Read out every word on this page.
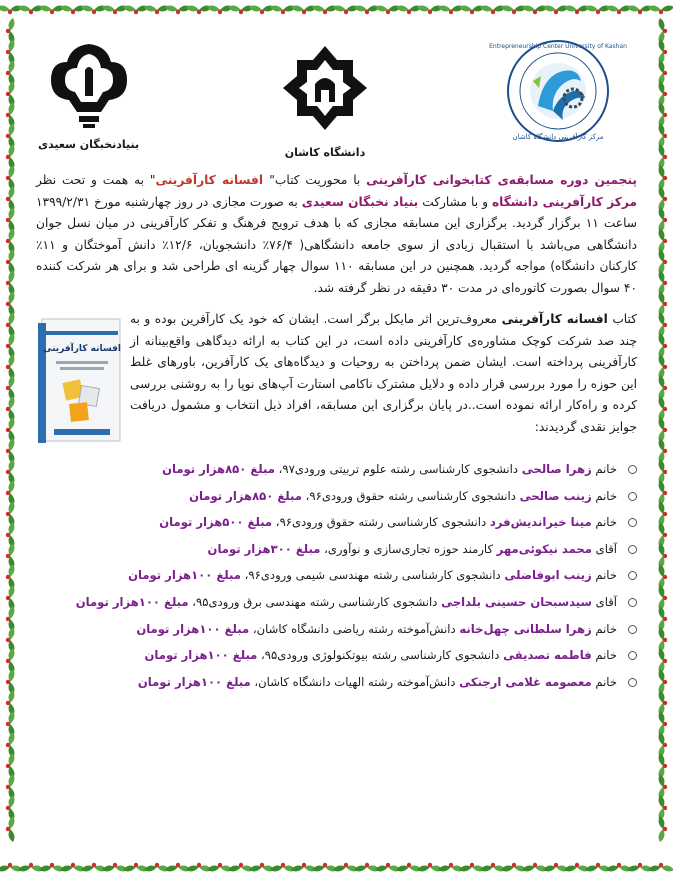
Entrepreneurship Center University of Kashan
مرکز کارآفرینی دانشگاه کاشان
دانشگاه کاشان
بنیادنخبگان سعیدی

پنجمین دوره مسابقه‌ی کتابخوانی کارآفرینی با محوریت کتاب" افسانه کارآفرینی" به همت و تحت نظر مرکز کارآفرینی دانشگاه و با مشارکت بنیاد نخبگان سعیدی به صورت مجازی در روز چهارشنبه مورخ ۱۳۹۹/۲/۳۱ ساعت ۱۱ برگزار گردید. برگزاری این مسابقه مجازی که با هدف ترویج فرهنگ و تفکر کارآفرینی در میان نسل جوان دانشگاهی می‌باشد با استقبال زیادی از سوی جامعه دانشگاهی( ۷۶/۴٪ دانشجویان، ۱۲/۶٪ دانش آموختگان و ۱۱٪ کارکنان دانشگاه) مواجه گردید. همچنین در این مسابقه ۱۱۰ سوال چهار گزینه ای طراحی شد و برای هر شرکت کننده ۴۰ سوال بصورت کاتوره‌ای در مدت ۳۰ دقیقه در نظر گرفته شد.

افسانه کارآفرینی

کتاب افسانه کارآفرینی معروف‌ترین اثر مایکل برگر است. ایشان که خود یک کارآفرین بوده و به چند صد شرکت کوچک مشاوره‌ی کارآفرینی داده است، در این کتاب به ارائه دیدگاهی واقع‌بینانه از کارآفرینی پرداخته است. ایشان ضمن پرداختن به روحیات و دیدگاه‌های یک کارآفرین، باورهای غلط این حوزه را مورد بررسی قرار داده و دلایل مشترک ناکامی استارت آپ‌های نوپا را به روشنی بررسی کرده و راه‌کار ارائه نموده است..در پایان برگزاری این مسابقه، افراد ذیل انتخاب و مشمول دریافت جوایز نقدی گردیدند:

خانم زهرا صالحی دانشجوی کارشناسی رشته علوم تربیتی ورودی۹۷، مبلغ ۸۵۰هزار تومان
خانم زینب صالحی دانشجوی کارشناسی رشته حقوق ورودی۹۶، مبلغ ۸۵۰هزار تومان
خانم مینا خیراندیش‌فرد دانشجوی کارشناسی رشته حقوق ورودی۹۶، مبلغ ۵۰۰هزار تومان
آقای محمد نیکوئی‌مهر کارمند حوزه تجاری‌سازی و نوآوری، مبلغ ۳۰۰هزار تومان
خانم زینب ابوفاضلی دانشجوی کارشناسی رشته مهندسی شیمی ورودی۹۶، مبلغ ۱۰۰هزار تومان
آقای سیدسبحان حسینی بلداجی دانشجوی کارشناسی رشته مهندسی برق ورودی۹۵، مبلغ ۱۰۰هزار تومان
خانم زهرا سلطانی چهل‌خانه دانش‌آموخته رشته ریاضی دانشگاه کاشان، مبلغ ۱۰۰هزار تومان
خانم فاطمه تصدیقی دانشجوی کارشناسی رشته بیوتکنولوژی ورودی۹۵، مبلغ ۱۰۰هزار تومان
خانم معصومه غلامی ارجنکی دانش‌آموخته رشته الهیات دانشگاه کاشان، مبلغ ۱۰۰هزار تومان
